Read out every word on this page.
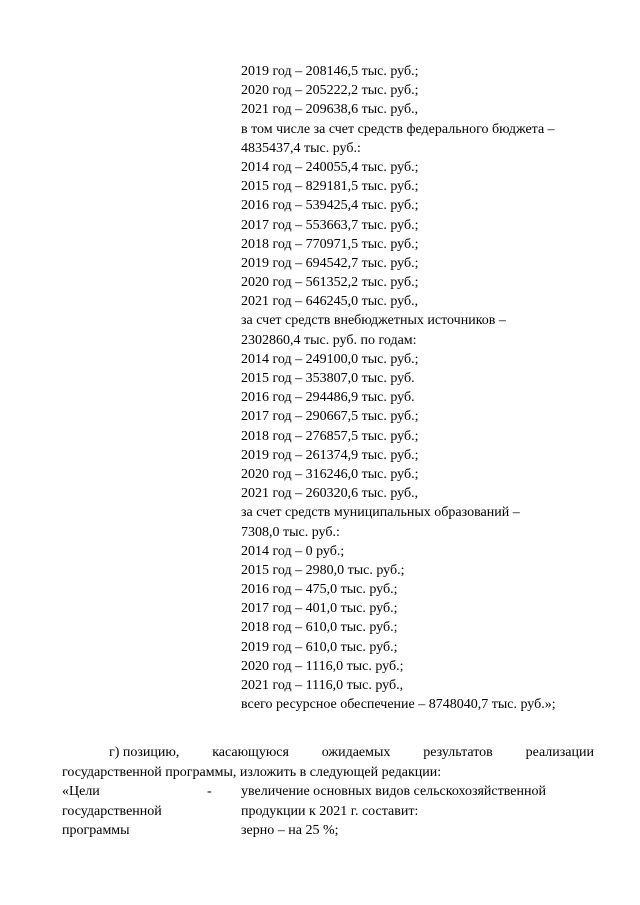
2019 год – 208146,5 тыс. руб.;
2020 год – 205222,2 тыс. руб.;
2021 год – 209638,6 тыс. руб.,
в том числе за счет средств федерального бюджета –
4835437,4 тыс. руб.:
2014 год – 240055,4 тыс. руб.;
2015 год – 829181,5 тыс. руб.;
2016 год – 539425,4 тыс. руб.;
2017 год – 553663,7 тыс. руб.;
2018 год – 770971,5 тыс. руб.;
2019 год – 694542,7 тыс. руб.;
2020 год – 561352,2 тыс. руб.;
2021 год – 646245,0 тыс. руб.,
за счет средств внебюджетных источников –
2302860,4 тыс. руб. по годам:
2014 год – 249100,0 тыс. руб.;
2015 год – 353807,0 тыс. руб.
2016 год – 294486,9 тыс. руб.
2017 год – 290667,5 тыс. руб.;
2018 год – 276857,5 тыс. руб.;
2019 год – 261374,9 тыс. руб.;
2020 год – 316246,0 тыс. руб.;
2021 год – 260320,6 тыс. руб.,
за счет средств муниципальных образований –
7308,0 тыс. руб.:
2014 год – 0 руб.;
2015 год – 2980,0 тыс. руб.;
2016 год – 475,0 тыс. руб.;
2017 год – 401,0 тыс. руб.;
2018 год – 610,0 тыс. руб.;
2019 год – 610,0 тыс. руб.;
2020 год – 1116,0 тыс. руб.;
2021 год – 1116,0 тыс. руб.,
всего ресурсное обеспечение – 8748040,7 тыс. руб.»;
г) позицию, касающуюся ожидаемых результатов реализации
государственной программы, изложить в следующей редакции:
«Цели
государственной
программы
- увеличение основных видов сельскохозяйственной
продукции к 2021 г. составит:
зерно – на 25 %;
